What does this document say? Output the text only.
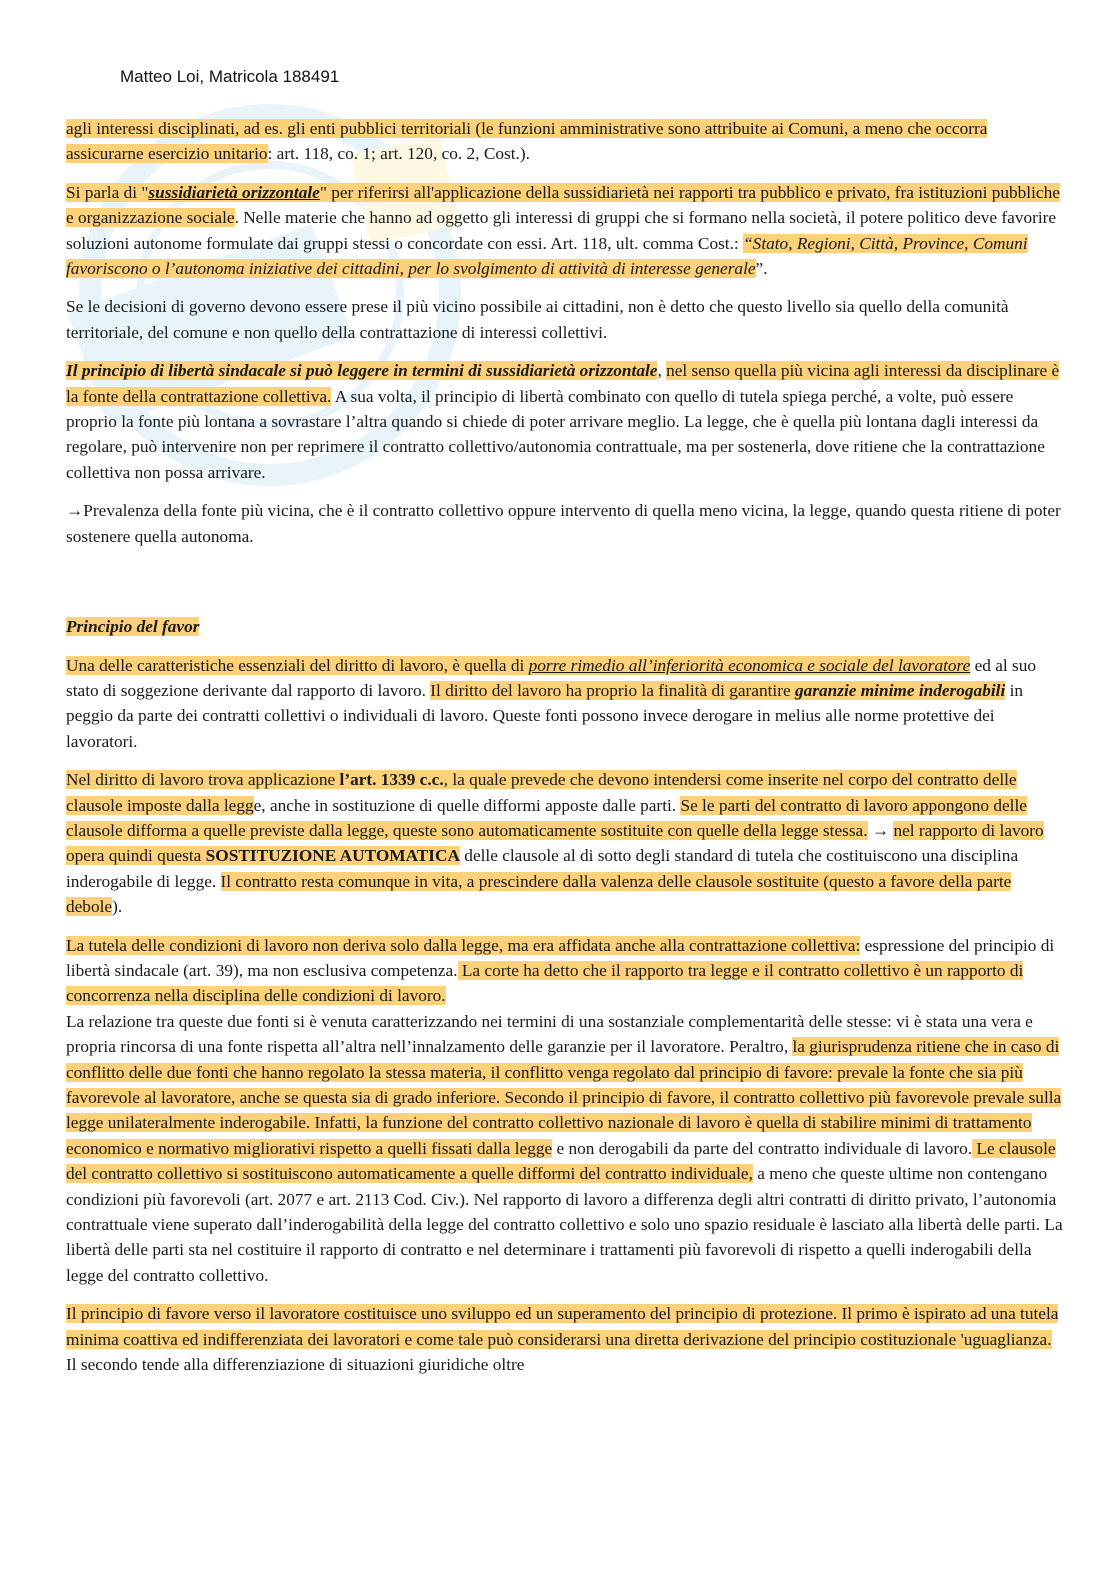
Matteo Loi, Matricola 188491

agli interessi disciplinati, ad es. gli enti pubblici territoriali (le funzioni amministrative sono attribuite ai Comuni, a meno che occorra assicurarne esercizio unitario: art. 118, co. 1; art. 120, co. 2, Cost.).

Si parla di "sussidiarietà orizzontale" per riferirsi all'applicazione della sussidiarietà nei rapporti tra pubblico e privato, fra istituzioni pubbliche e organizzazione sociale. Nelle materie che hanno ad oggetto gli interessi di gruppi che si formano nella società, il potere politico deve favorire soluzioni autonome formulate dai gruppi stessi o concordate con essi. Art. 118, ult. comma Cost.: “Stato, Regioni, Città, Province, Comuni favoriscono o l’autonoma iniziative dei cittadini, per lo svolgimento di attività di interesse generale”.

Se le decisioni di governo devono essere prese il più vicino possibile ai cittadini, non è detto che questo livello sia quello della comunità territoriale, del comune e non quello della contrattazione di interessi collettivi.

Il principio di libertà sindacale si può leggere in termini di sussidiarietà orizzontale, nel senso quella più vicina agli interessi da disciplinare è la fonte della contrattazione collettiva. A sua volta, il principio di libertà combinato con quello di tutela spiega perché, a volte, può essere proprio la fonte più lontana a sovrastare l’altra quando si chiede di poter arrivare meglio. La legge, che è quella più lontana dagli interessi da regolare, può intervenire non per reprimere il contratto collettivo/autonomia contrattuale, ma per sostenerla, dove ritiene che la contrattazione collettiva non possa arrivare.

→Prevalenza della fonte più vicina, che è il contratto collettivo oppure intervento di quella meno vicina, la legge, quando questa ritiene di poter sostenere quella autonoma.

Principio del favor

Una delle caratteristiche essenziali del diritto di lavoro, è quella di porre rimedio all’inferiorità economica e sociale del lavoratore ed al suo stato di soggezione derivante dal rapporto di lavoro. Il diritto del lavoro ha proprio la finalità di garantire garanzie minime inderogabili in peggio da parte dei contratti collettivi o individuali di lavoro. Queste fonti possono invece derogare in melius alle norme protettive dei lavoratori.

Nel diritto di lavoro trova applicazione l’art. 1339 c.c., la quale prevede che devono intendersi come inserite nel corpo del contratto delle clausole imposte dalla legge, anche in sostituzione di quelle difformi apposte dalle parti. Se le parti del contratto di lavoro appongono delle clausole difforma a quelle previste dalla legge, queste sono automaticamente sostituite con quelle della legge stessa. → nel rapporto di lavoro opera quindi questa SOSTITUZIONE AUTOMATICA delle clausole al di sotto degli standard di tutela che costituiscono una disciplina inderogabile di legge. Il contratto resta comunque in vita, a prescindere dalla valenza delle clausole sostituite (questo a favore della parte debole).

La tutela delle condizioni di lavoro non deriva solo dalla legge, ma era affidata anche alla contrattazione collettiva: espressione del principio di libertà sindacale (art. 39), ma non esclusiva competenza. La corte ha detto che il rapporto tra legge e il contratto collettivo è un rapporto di concorrenza nella disciplina delle condizioni di lavoro.
La relazione tra queste due fonti si è venuta caratterizzando nei termini di una sostanziale complementarità delle stesse: vi è stata una vera e propria rincorsa di una fonte rispetta all’altra nell’innalzamento delle garanzie per il lavoratore. Peraltro, la giurisprudenza ritiene che in caso di conflitto delle due fonti che hanno regolato la stessa materia, il conflitto venga regolato dal principio di favore: prevale la fonte che sia più favorevole al lavoratore, anche se questa sia di grado inferiore. Secondo il principio di favore, il contratto collettivo più favorevole prevale sulla legge unilateralmente inderogabile. Infatti, la funzione del contratto collettivo nazionale di lavoro è quella di stabilire minimi di trattamento economico e normativo migliorativi rispetto a quelli fissati dalla legge e non derogabili da parte del contratto individuale di lavoro. Le clausole del contratto collettivo si sostituiscono automaticamente a quelle difformi del contratto individuale, a meno che queste ultime non contengano condizioni più favorevoli (art. 2077 e art. 2113 Cod. Civ.). Nel rapporto di lavoro a differenza degli altri contratti di diritto privato, l’autonomia contrattuale viene superato dall’inderogabilità della legge del contratto collettivo e solo uno spazio residuale è lasciato alla libertà delle parti. La libertà delle parti sta nel costituire il rapporto di contratto e nel determinare i trattamenti più favorevoli di rispetto a quelli inderogabili della legge del contratto collettivo.

Il principio di favore verso il lavoratore costituisce uno sviluppo ed un superamento del principio di protezione. Il primo è ispirato ad una tutela minima coattiva ed indifferenziata dei lavoratori e come tale può considerarsi una diretta derivazione del principio costituzionale 'uguaglianza. Il secondo tende alla differenziazione di situazioni giuridiche oltre
